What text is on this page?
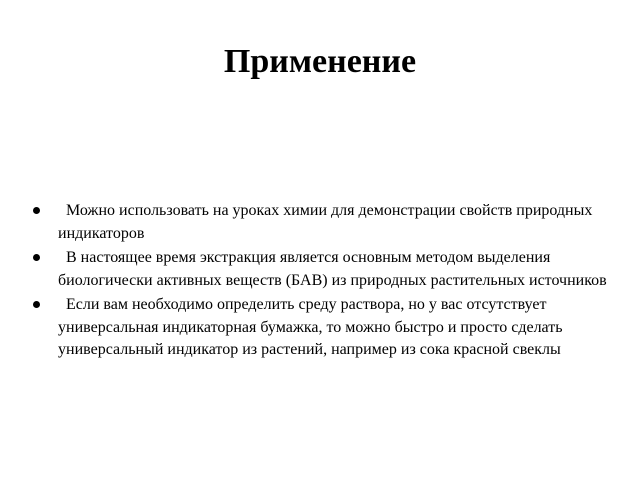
Применение
Можно использовать на уроках химии для демонстрации свойств природных индикаторов
В настоящее время экстракция является основным методом выделения биологически активных веществ (БАВ) из природных растительных источников
Если вам необходимо определить среду раствора, но у вас отсутствует универсальная индикаторная бумажка, то можно быстро и просто сделать универсальный индикатор из растений, например из сока красной свеклы
